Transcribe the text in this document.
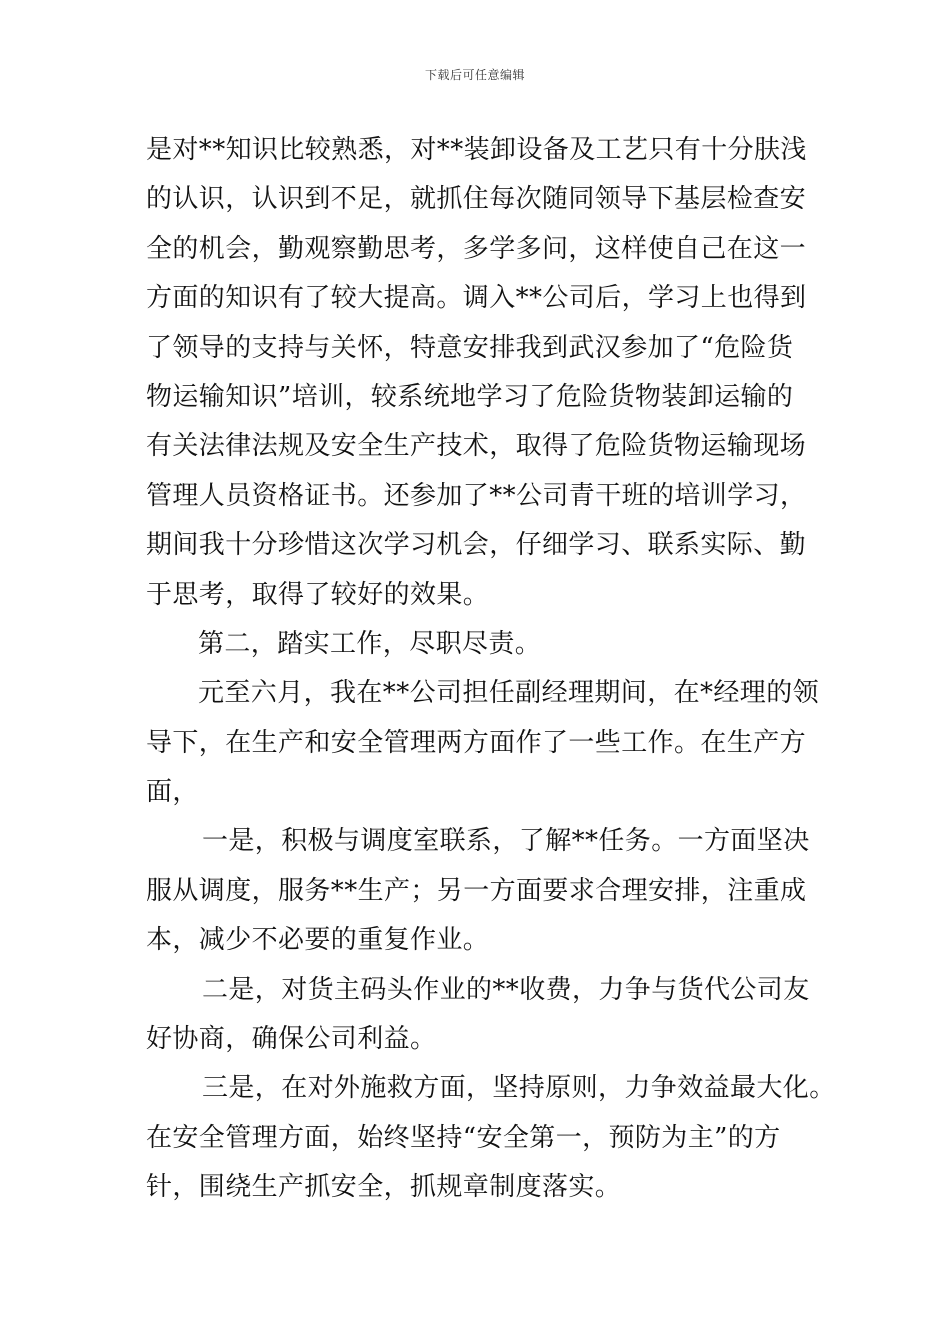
下载后可任意编辑
是对**知识比较熟悉，对**装卸设备及工艺只有十分肤浅
的认识，认识到不足，就抓住每次随同领导下基层检查安
全的机会，勤观察勤思考，多学多问，这样使自己在这一
方面的知识有了较大提高。调入**公司后，学习上也得到
了领导的支持与关怀，特意安排我到武汉参加了“危险货
物运输知识”培训，较系统地学习了危险货物装卸运输的
有关法律法规及安全生产技术，取得了危险货物运输现场
管理人员资格证书。还参加了**公司青干班的培训学习，
期间我十分珍惜这次学习机会，仔细学习、联系实际、勤
于思考，取得了较好的效果。
第二，踏实工作，尽职尽责。
元至六月，我在**公司担任副经理期间，在*经理的领
导下，在生产和安全管理两方面作了一些工作。在生产方
面，
一是，积极与调度室联系，了解**任务。一方面坚决
服从调度，服务**生产；另一方面要求合理安排，注重成
本，减少不必要的重复作业。
二是，对货主码头作业的**收费，力争与货代公司友
好协商，确保公司利益。
三是，在对外施救方面，坚持原则，力争效益最大化。
在安全管理方面，始终坚持“安全第一，预防为主”的方
针，围绕生产抓安全，抓规章制度落实。
